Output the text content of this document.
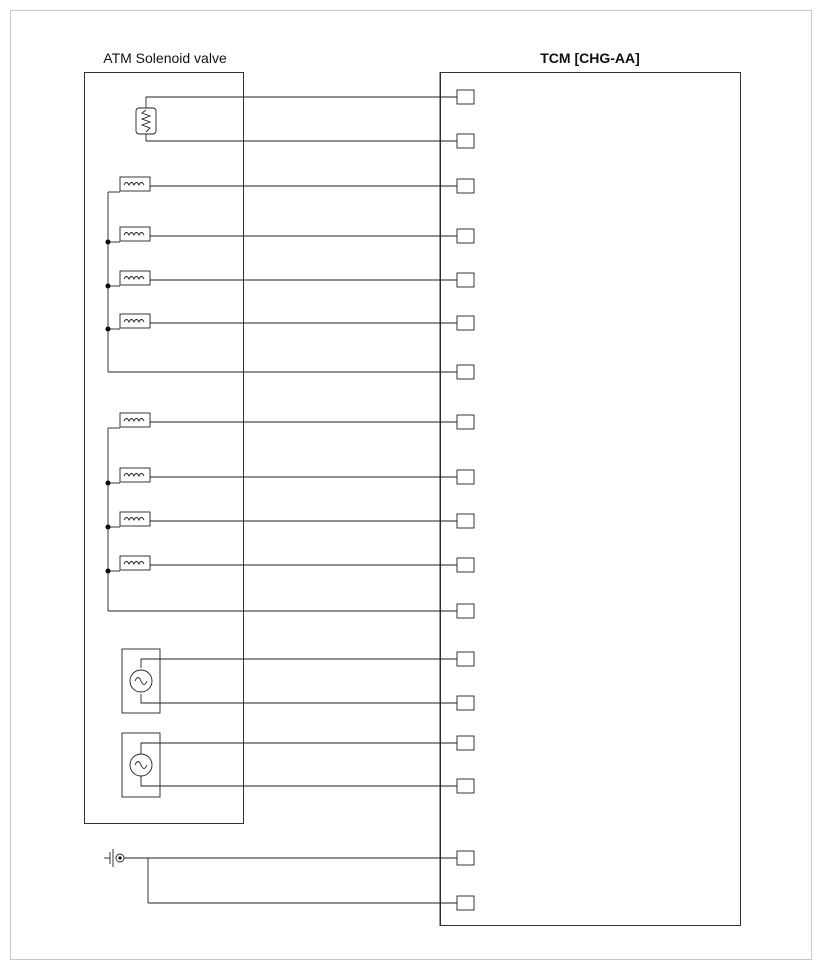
ATM Solenoid valve	TCM [CHG-AA]
